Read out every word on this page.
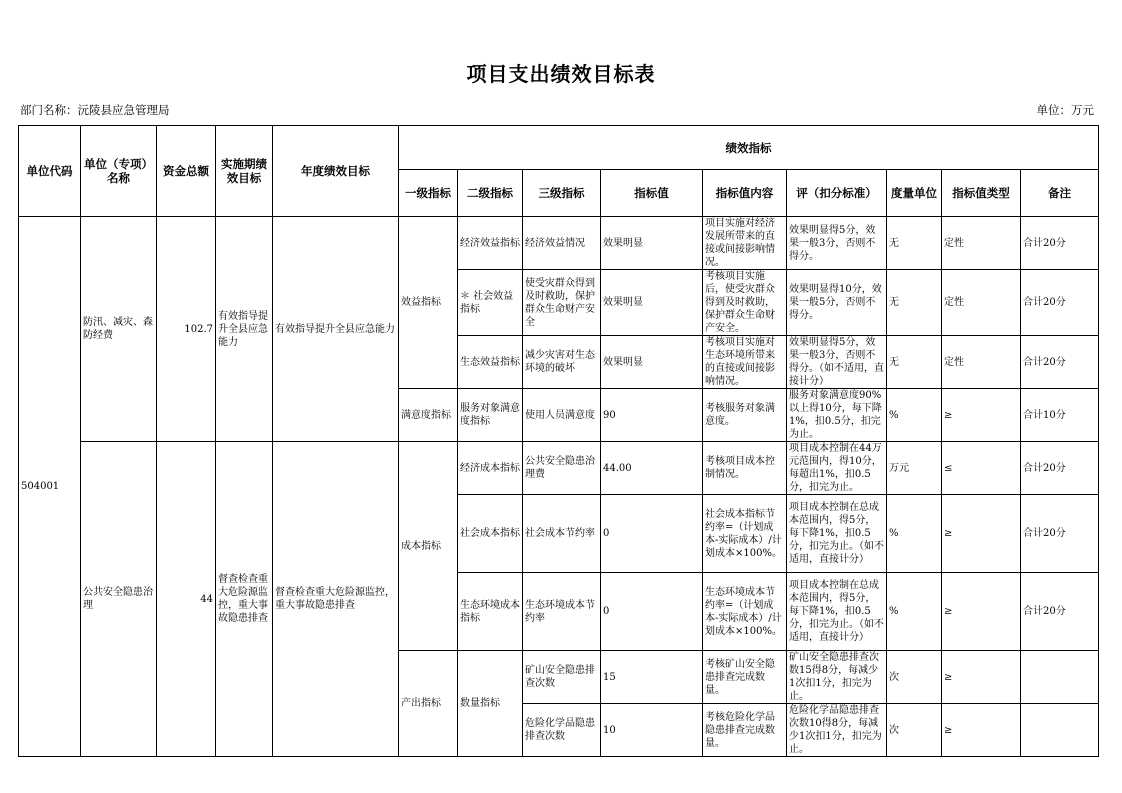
项目支出绩效目标表
部门名称：沅陵县应急管理局	单位：万元
单位代码	单位（专项）名称	资金总额	实施期绩效目标	年度绩效目标	绩效指标								
					一级指标	二级指标	三级指标	指标值	指标值内容	评（扣分标准）	度量单位	指标值类型	备注
504001	防汛、减灾、森防经费	102.7	有效指导提升全县应急能力	有效指导提升全县应急能力	效益指标	经济效益指标	经济效益情况	效果明显	项目实施对经济发展所带来的直接或间接影响情况。	效果明显得5分，效果一般3分，否则不得分。	无	定性	合计20分
						＊ 社会效益指标	使受灾群众得到及时救助，保护群众生命财产安全	效果明显	考核项目实施后，使受灾群众得到及时救助，保护群众生命财产安全。	效果明显得10分，效果一般5分，否则不得分。	无	定性	合计20分
						生态效益指标	减少灾害对生态环境的破坏	效果明显	考核项目实施对生态环境所带来的直接或间接影响情况。	效果明显得5分，效果一般3分，否则不得分。（如不适用，直接计分）	无	定性	合计20分
					满意度指标	服务对象满意度指标	使用人员满意度	90	考核服务对象满意度。	服务对象满意度90%以上得10分，每下降1%，扣0.5分，扣完为止。	%	≥	合计10分
	公共安全隐患治理	44	督查检查重大危险源监控，重大事故隐患排查	督查检查重大危险源监控，重大事故隐患排查	成本指标	经济成本指标	公共安全隐患治理费	44.00	考核项目成本控制情况。	项目成本控制在44万元范围内，得10分，每超出1%，扣0.5分，扣完为止。	万元	≤	合计20分
						社会成本指标	社会成本节约率	0	社会成本指标节约率=（计划成本-实际成本）/计划成本×100%。	项目成本控制在总成本范围内，得5分，每下降1%，扣0.5分，扣完为止。（如不适用，直接计分）	%	≥	合计20分
						生态环境成本指标	生态环境成本节约率	0	生态环境成本节约率=（计划成本-实际成本）/计划成本×100%。	项目成本控制在总成本范围内，得5分，每下降1%，扣0.5分，扣完为止。（如不适用，直接计分）	%	≥	合计20分
					产出指标	数量指标	矿山安全隐患排查次数	15	考核矿山安全隐患排查完成数量。	矿山安全隐患排查次数15得8分，每减少1次扣1分，扣完为止。	次	≥	
							危险化学品隐患排查次数	10	考核危险化学品隐患排查完成数量。	危险化学品隐患排查次数10得8分，每减少1次扣1分，扣完为止。	次	≥	
